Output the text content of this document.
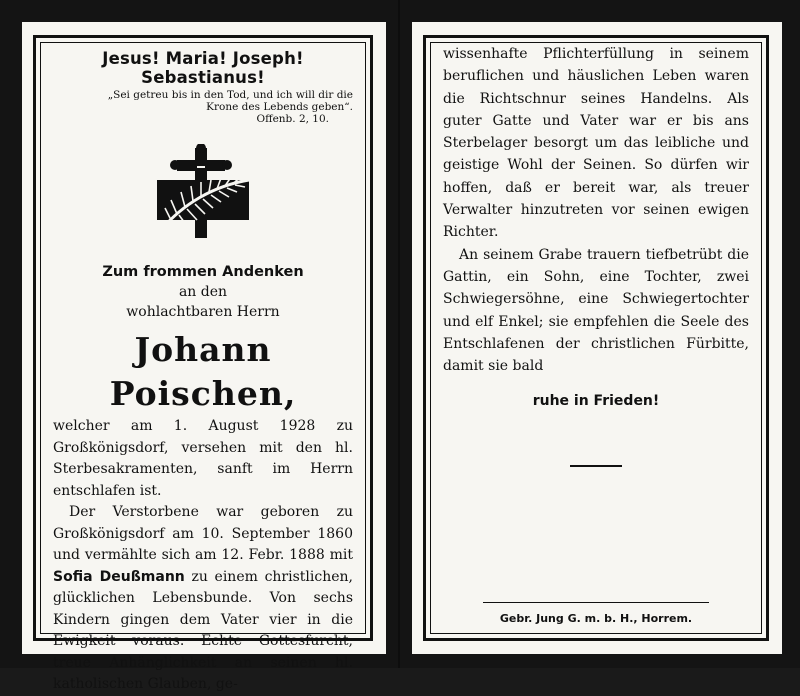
Jesus! Maria! Joseph! Sebastianus!
„Sei getreu bis in den Tod, und ich will dir die Krone des Lebends geben“.
Offenb. 2, 10.
Zum frommen Andenken
an den
wohlachtbaren Herrn
Johann Poischen,

welcher am 1. August 1928 zu Großkönigsdorf, versehen mit den hl. Sterbesakramenten, sanft im Herrn entschlafen ist.

Der Verstorbene war geboren zu Großkönigsdorf am 10. September 1860 und vermählte sich am 12. Febr. 1888 mit Sofia Deußmann zu einem christlichen, glücklichen Lebensbunde. Von sechs Kindern gingen dem Vater vier in die Ewigkeit voraus. Echte Gottesfurcht, treue Anhänglichkeit an seinen hl. katholischen Glauben, ge-

wissenhafte Pflichterfüllung in seinem beruflichen und häuslichen Leben waren die Richtschnur seines Handelns. Als guter Gatte und Vater war er bis ans Sterbelager besorgt um das leibliche und geistige Wohl der Seinen. So dürfen wir hoffen, daß er bereit war, als treuer Verwalter hinzutreten vor seinen ewigen Richter.

An seinem Grabe trauern tiefbetrübt die Gattin, ein Sohn, eine Tochter, zwei Schwiegersöhne, eine Schwiegertochter und elf Enkel; sie empfehlen die Seele des Entschlafenen der christlichen Fürbitte, damit sie bald

ruhe in Frieden!
Gebr. Jung G. m. b. H., Horrem.
